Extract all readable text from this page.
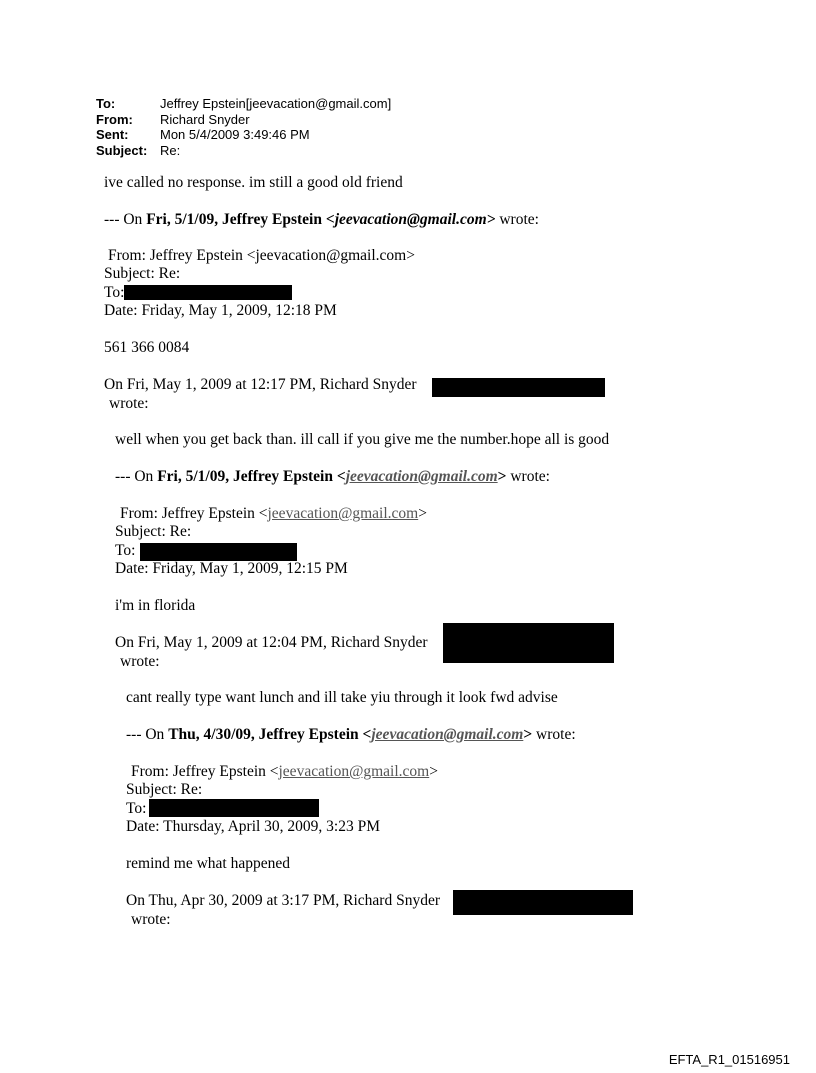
To:	Jeffrey Epstein[jeevacation@gmail.com]
From:	Richard Snyder
Sent:	Mon 5/4/2009 3:49:46 PM
Subject: Re:
ive called no response. im still a good old friend
--- On Fri, 5/1/09, Jeffrey Epstein <jeevacation@gmail.com> wrote:
From: Jeffrey Epstein <jeevacation@gmail.com>
Subject: Re:
To:
Date: Friday, May 1, 2009, 12:18 PM
561 366 0084
On Fri, May 1, 2009 at 12:17 PM, Richard Snyder
wrote:
well when you get back than. ill call if you give me the number.hope all is good
--- On Fri, 5/1/09, Jeffrey Epstein <jeevacation@gmail.com> wrote:
From: Jeffrey Epstein <jeevacation@gmail.com>
Subject: Re:
To:
Date: Friday, May 1, 2009, 12:15 PM
i'm in florida
On Fri, May 1, 2009 at 12:04 PM, Richard Snyder
wrote:
cant really type want lunch and ill take yiu through it look fwd advise
--- On Thu, 4/30/09, Jeffrey Epstein <jeevacation@gmail.com> wrote:
From: Jeffrey Epstein <jeevacation@gmail.com>
Subject: Re:
To:
Date: Thursday, April 30, 2009, 3:23 PM
remind me what happened
On Thu, Apr 30, 2009 at 3:17 PM, Richard Snyder
wrote:
EFTA_R1_01516951
